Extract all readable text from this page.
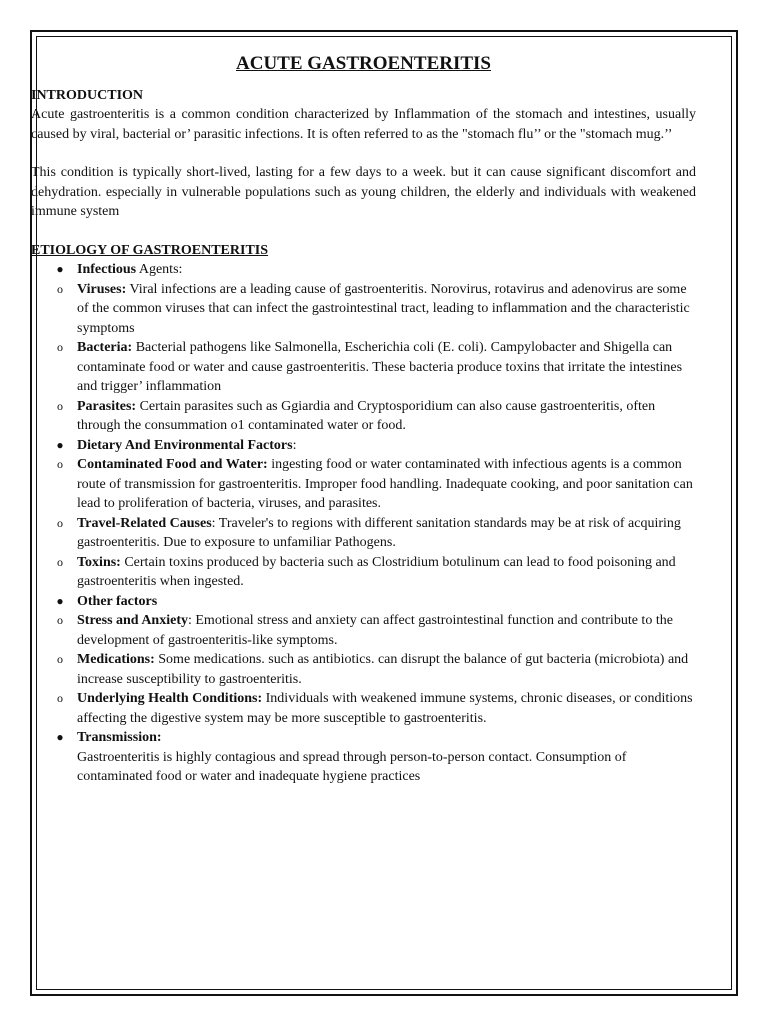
ACUTE GASTROENTERITIS
INTRODUCTION

Acute gastroenteritis is a common condition characterized by Inflammation of the stomach and intestines, usually caused by viral, bacterial or’ parasitic infections. It is often referred to as the "stomach flu’’ or the "stomach mug.’’

This condition is typically short-lived, lasting for a few days to a week. but it can cause significant discomfort and dehydration. especially in vulnerable populations such as young children, the elderly and individuals with weakened immune system

ETIOLOGY OF GASTROENTERITIS
● Infectious Agents:
o Viruses: Viral infections are a leading cause of gastroenteritis. Norovirus, rotavirus and adenovirus are some of the common viruses that can infect the gastrointestinal tract, leading to inflammation and the characteristic symptoms
o Bacteria: Bacterial pathogens like Salmonella, Escherichia coli (E. coli). Campylobacter and Shigella can contaminate food or water and cause gastroenteritis. These bacteria produce toxins that irritate the intestines and trigger’ inflammation
o Parasites: Certain parasites such as Ggiardia and Cryptosporidium can also cause gastroenteritis, often through the consummation o1 contaminated water or food.
● Dietary And Environmental Factors:
o Contaminated Food and Water: ingesting food or water contaminated with infectious agents is a common route of transmission for gastroenteritis. Improper food handling. Inadequate cooking, and poor sanitation can lead to proliferation of bacteria, viruses, and parasites.
o Travel-Related Causes: Traveler's to regions with different sanitation standards may be at risk of acquiring gastroenteritis. Due to exposure to unfamiliar Pathogens.
o Toxins: Certain toxins produced by bacteria such as Clostridium botulinum can lead to food poisoning and gastroenteritis when ingested.
● Other factors
o Stress and Anxiety: Emotional stress and anxiety can affect gastrointestinal function and contribute to the development of gastroenteritis-like symptoms.
o Medications: Some medications. such as antibiotics. can disrupt the balance of gut bacteria (microbiota) and increase susceptibility to gastroenteritis.
o Underlying Health Conditions: Individuals with weakened immune systems, chronic diseases, or conditions affecting the digestive system may be more susceptible to gastroenteritis.
● Transmission:
Gastroenteritis is highly contagious and spread through person-to-person contact. Consumption of contaminated food or water and inadequate hygiene practices
